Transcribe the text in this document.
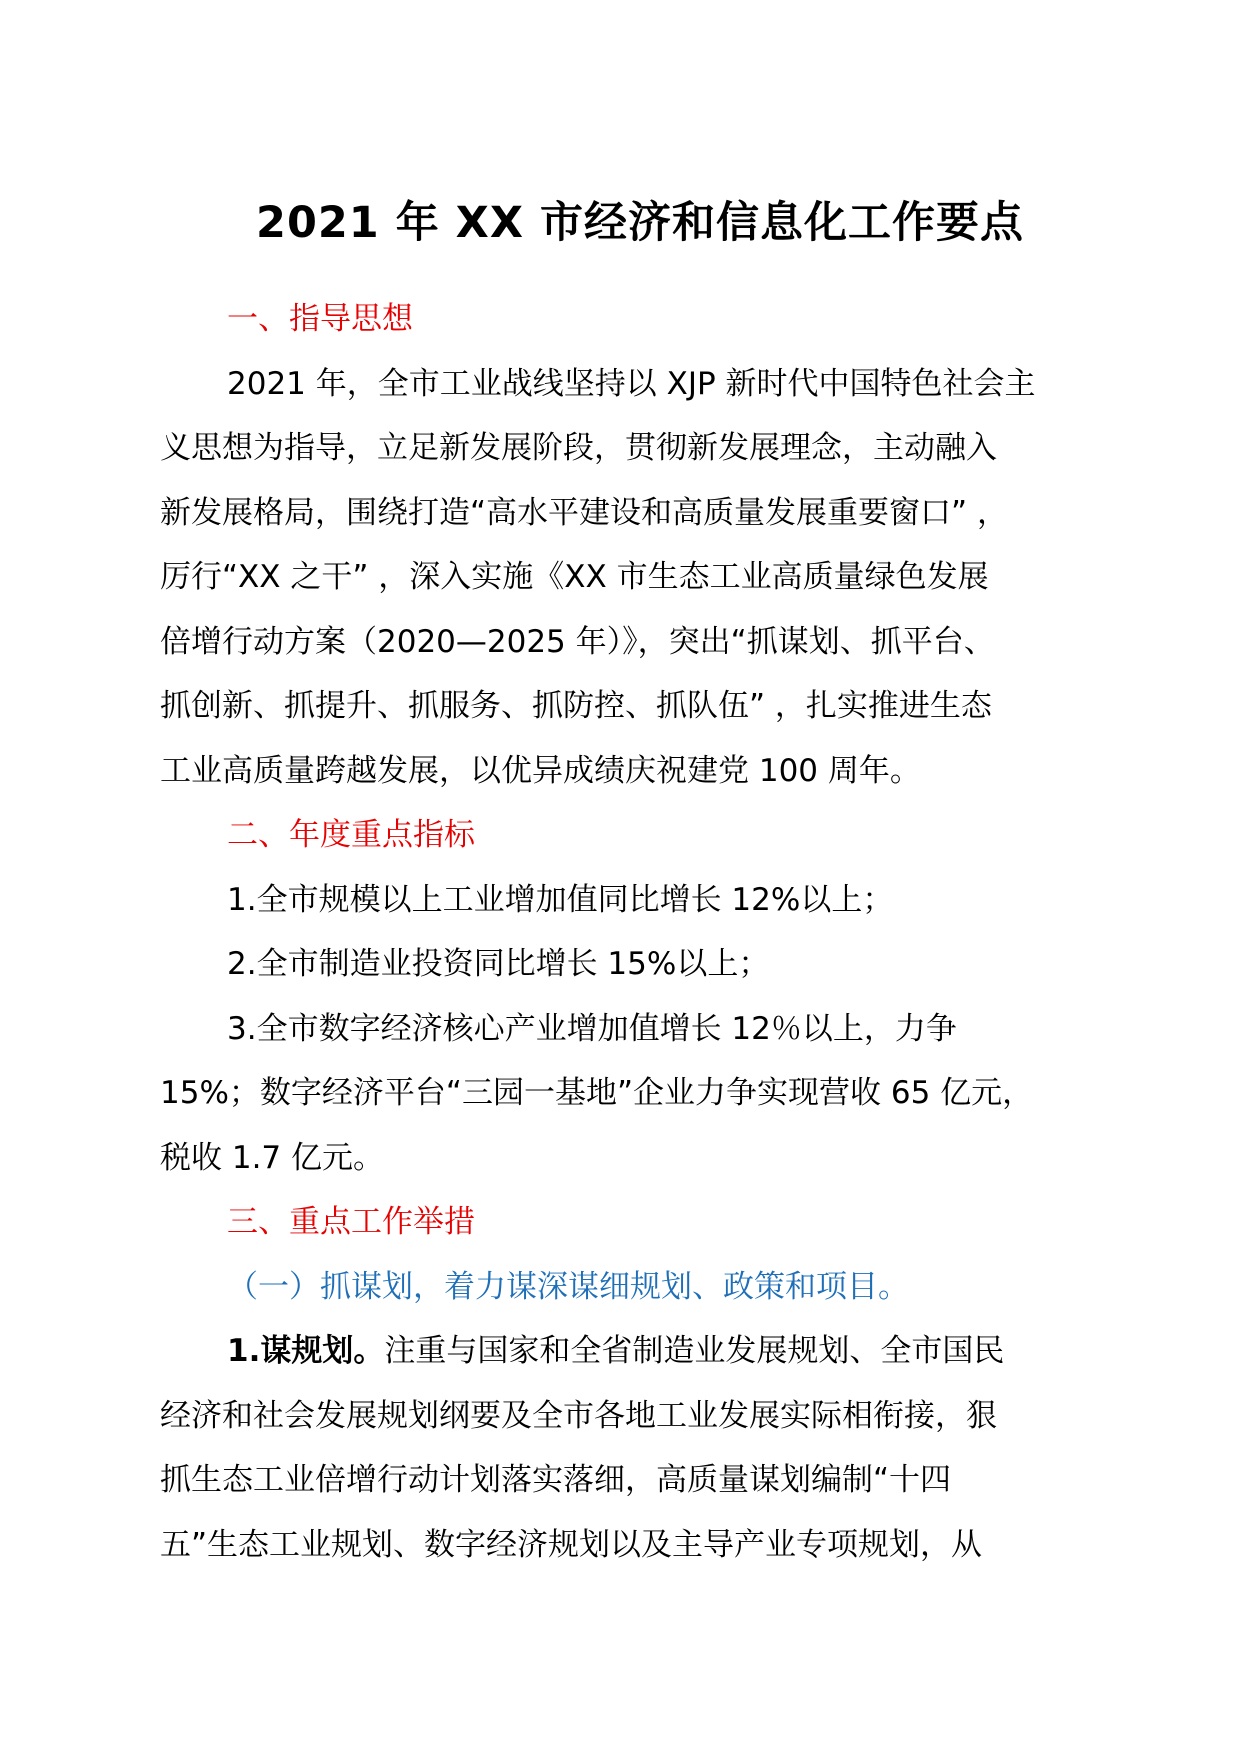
2021 年 XX 市经济和信息化工作要点
一、指导思想
2021 年，全市工业战线坚持以 XJP 新时代中国特色社会主
义思想为指导，立足新发展阶段，贯彻新发展理念，主动融入
新发展格局，围绕打造“高水平建设和高质量发展重要窗口” ，
厉行“XX 之干” ，深入实施《XX 市生态工业高质量绿色发展
倍增行动方案（2020—2025 年）》，突出“抓谋划、抓平台、
抓创新、抓提升、抓服务、抓防控、抓队伍” ，扎实推进生态
工业高质量跨越发展，以优异成绩庆祝建党 100 周年。
二、年度重点指标
1.全市规模以上工业增加值同比增长 12%以上；
2.全市制造业投资同比增长 15%以上；
3.全市数字经济核心产业增加值增长 12％以上，力争
15%；数字经济平台“三园一基地”企业力争实现营收 65 亿元，
税收 1.7 亿元。
三、重点工作举措
（一）抓谋划，着力谋深谋细规划、政策和项目。
1.谋规划。注重与国家和全省制造业发展规划、全市国民
经济和社会发展规划纲要及全市各地工业发展实际相衔接，狠
抓生态工业倍增行动计划落实落细，高质量谋划编制“十四
五”生态工业规划、数字经济规划以及主导产业专项规划，从
